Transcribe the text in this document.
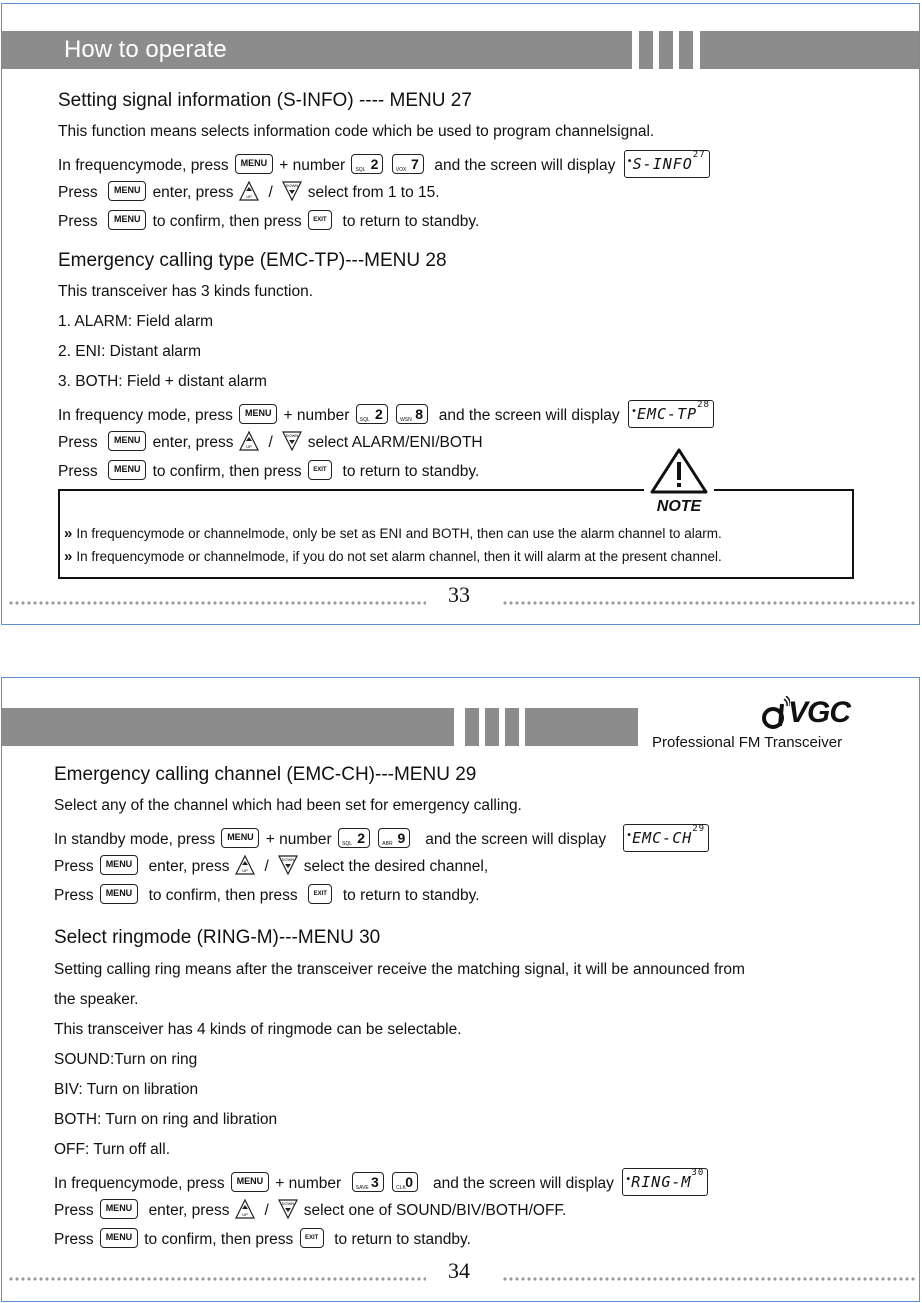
How to operate
Setting signal information (S-INFO) ---- MENU 27
This function means selects information code which be used to program channelsignal.
In frequencymode, press MENU + number SQL 2	VOX 7 and the screen will display •
S-INFO 27
Press MENU enter, press	UP /	DOWN select from 1 to 15.
Press MENU to confirm, then press EXIT to return to standby.
Emergency calling type (EMC-TP)---MENU 28
This transceiver has 3 kinds function.
1. ALARM: Field alarm
2. ENI: Distant alarm
3. BOTH: Field + distant alarm
In frequency mode, press MENU + number SQL 2	WSN 8 and the screen will display •
EMC-TP 28
Press MENU enter, press	UP /	DOWN select ALARM/ENI/BOTH
Press MENU to confirm, then press EXIT to return to standby.
NOTE
» In frequencymode or channelmode, only be set as ENI and BOTH, then can use the alarm channel to alarm.
» In frequencymode or channelmode, if you do not set alarm channel, then it will alarm at the present channel.
33
VGC
Professional FM Transceiver
Emergency calling channel (EMC-CH)---MENU 29
Select any of the channel which had been set for emergency calling.
In standby mode, press MENU + number SQL 2	ABR 9 and the screen will display •
EMC-CH 29
Press MENU enter, press	UP /	DOWN select the desired channel,
Press MENU to confirm, then press	EXIT to return to standby.
Select ringmode (RING-M)---MENU 30
Setting calling ring means after the transceiver receive the matching signal, it will be announced from
the speaker.
This transceiver has 4 kinds of ringmode can be selectable.
SOUND:Turn on ring
BIV: Turn on libration
BOTH: Turn on ring and libration
OFF: Turn off all.
In frequencymode, press MENU + number	SAVE 3	CLK 0 and the screen will display •
RING-M 30
Press MENU enter, press	UP /	DOWN select one of SOUND/BIV/BOTH/OFF.
Press MENU to confirm, then press EXIT to return to standby.
34
